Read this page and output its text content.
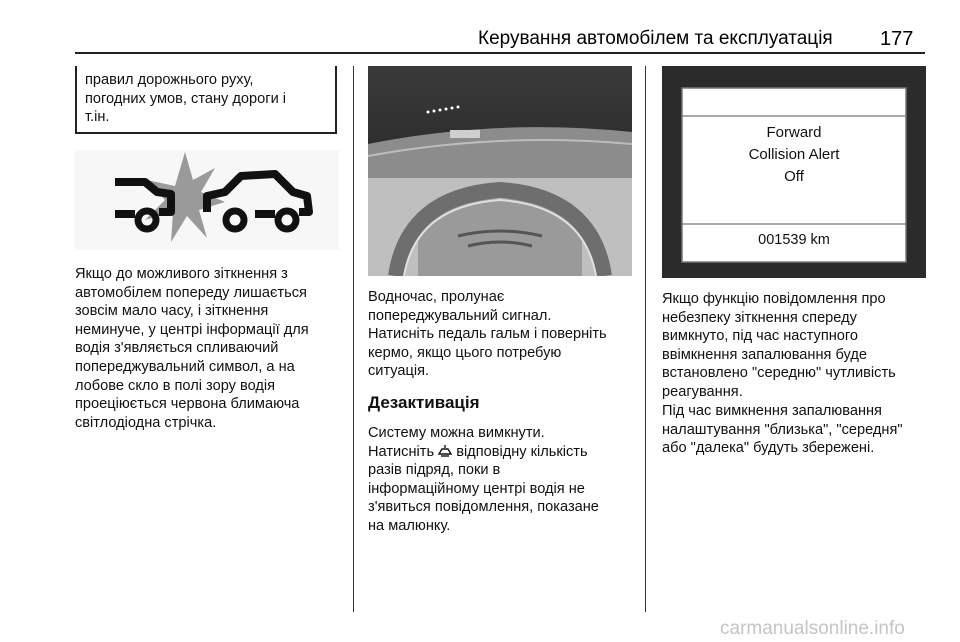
Керування автомобілем та експлуатація 177
правил дорожнього руху,
погодних умов, стану дороги і
т.ін.
Якщо до можливого зіткнення з
автомобілем попереду лишається
зовсім мало часу, і зіткнення
неминуче, у центрі інформації для
водія з'являється спливаючий
попереджувальний символ, а на
лобове скло в полі зору водія
проеціюється червона блимаюча
світлодіодна стрічка.
Водночас, пролунає
попереджувальний сигнал.
Натисніть педаль гальм і поверніть
кермо, якщо цього потребую
ситуація.
Дезактивація
Систему можна вимкнути.
Натисніть відповідну кількість
разів підряд, поки в
інформаційному центрі водія не
з'явиться повідомлення, показане
на малюнку.
Forward
Collision Alert
Off
001539 km
Якщо функцію повідомлення про
небезпеку зіткнення спереду
вимкнуто, під час наступного
ввімкнення запалювання буде
встановлено "середню" чутливість
реагування.
Під час вимкнення запалювання
налаштування "близька", "середня"
або "далека" будуть збережені.
carmanualsonline.info
